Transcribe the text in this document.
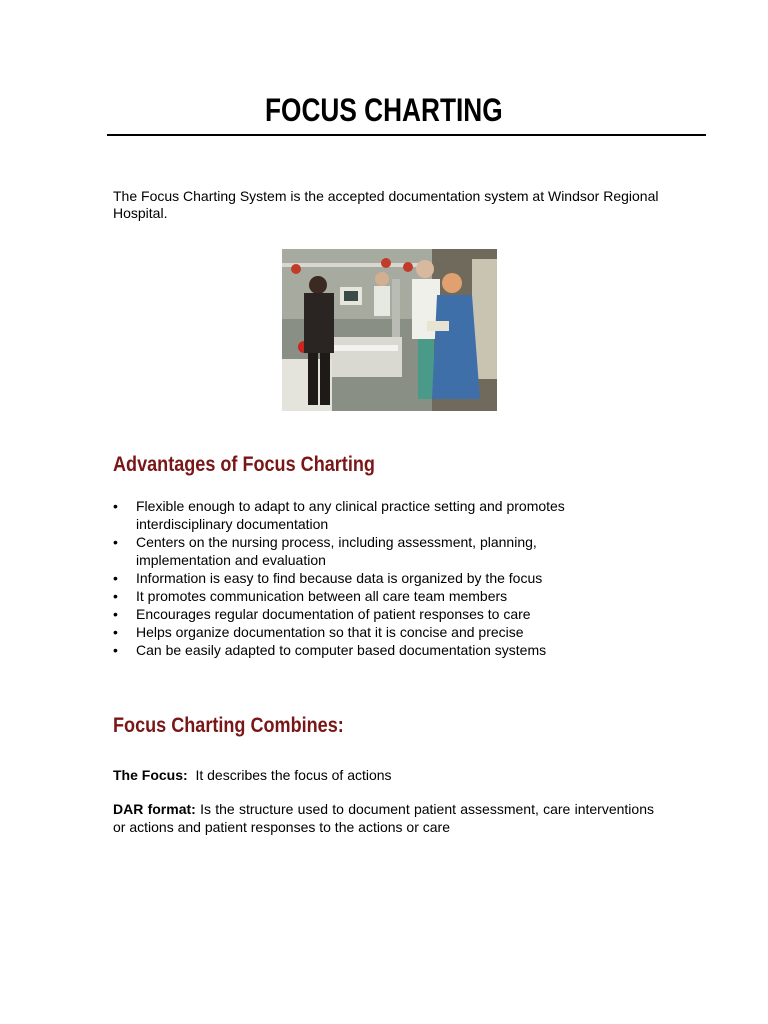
FOCUS CHARTING
The Focus Charting System is the accepted documentation system at Windsor Regional Hospital.
Advantages of Focus Charting
• Flexible enough to adapt to any clinical practice setting and promotes interdisciplinary documentation
• Centers on the nursing process, including assessment, planning, implementation and evaluation
• Information is easy to find because data is organized by the focus
• It promotes communication between all care team members
• Encourages regular documentation of patient responses to care
• Helps organize documentation so that it is concise and precise
• Can be easily adapted to computer based documentation systems
Focus Charting Combines:
The Focus: It describes the focus of actions
DAR format: Is the structure used to document patient assessment, care interventions or actions and patient responses to the actions or care
